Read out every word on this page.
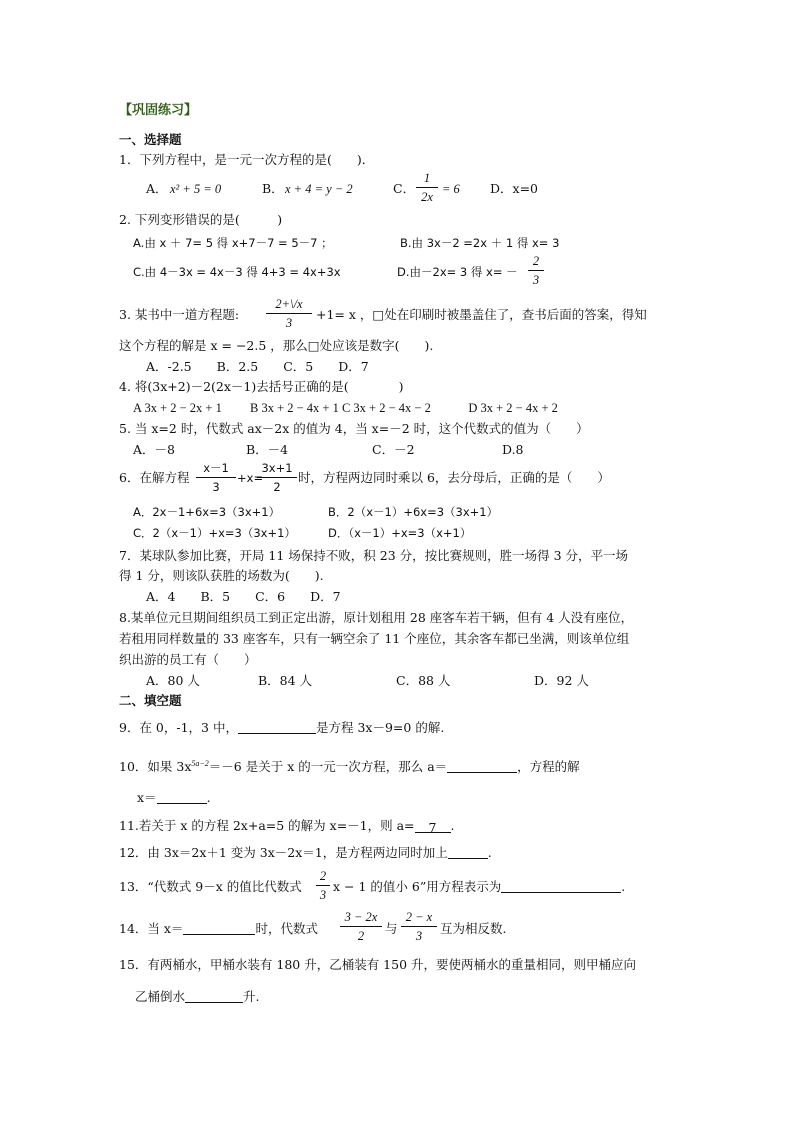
【巩固练习】
一、选择题
1．下列方程中，是一元一次方程的是(　　)．
A． x² + 5 = 0	B． x + 4 = y − 2	C．
1
2x
= 6 D．x=0
2. 下列变形错误的是(　　　)
A.由 x ＋ 7= 5 得 x+7－7 = 5－7 ；	B.由 3x－2 =2x ＋ 1 得 x= 3
C.由 4－3x = 4x－3 得 4+3 = 4x+3x	D.由－2x= 3 得 x= －
2
3
3. 某书中一道方程题:
2+\/x
3
+1= x ，□处在印刷时被墨盖住了，查书后面的答案，得知
这个方程的解是 x = −2.5 ，那么□处应该是数字(　　).
A．-2.5　　B．2.5　　C．5　　D．7
4. 将(3x+2)－2(2x－1)去括号正确的是(　　　　)
A 3x + 2 − 2x + 1　　 B 3x + 2 − 4x + 1 C 3x + 2 − 4x − 2　　　D 3x + 2 − 4x + 2
5. 当 x=2 时，代数式 ax－2x 的值为 4，当 x=－2 时，这个代数式的值为（　　）
A．－8	B．－4	C．－2	D.8
6．在解方程
x－1
3
+x=
3x+1
2
时，方程两边同时乘以 6，去分母后，正确的是（　　）
A．2x－1+6x=3（3x+1）	B．2（x－1）+6x=3（3x+1）
C．2（x－1）+x=3（3x+1）	D．（x－1）+x=3（x+1）
7．某球队参加比赛，开局 11 场保持不败，积 23 分，按比赛规则，胜一场得 3 分，平一场
得 1 分，则该队获胜的场数为(　　).
A．4　　B．5　　C．6　　D．7
8.某单位元旦期间组织员工到正定出游，原计划租用 28 座客车若干辆，但有 4 人没有座位，
若租用同样数量的 33 座客车，只有一辆空余了 11 个座位，其余客车都已坐满，则该单位组
织出游的员工有（　　）
A．80 人	B．84 人	C．88 人	D．92 人
二、填空题
9．在 0，-1，3 中，	是方程 3x－9=0 的解.
10．如果 $3x^{5a-2}=-6$ 是关于 x 的一元一次方程，那么 a＝	，方程的解
x＝	.
11.若关于 x 的方程 2x+a=5 的解为 x=－1，则 a= 7 .
12．由 3x＝2x＋1 变为 3x－2x＝1，是方程两边同时加上	.
13．“代数式 9－x 的值比代数式
2
3
x − 1 的值小 6”用方程表示为	.
14．当 x＝	时，代数式
3 − 2x
2	与
2 − x
3	互为相反数.
15．有两桶水，甲桶水装有 180 升，乙桶装有 150 升，要使两桶水的重量相同，则甲桶应向
乙桶倒水	升.
